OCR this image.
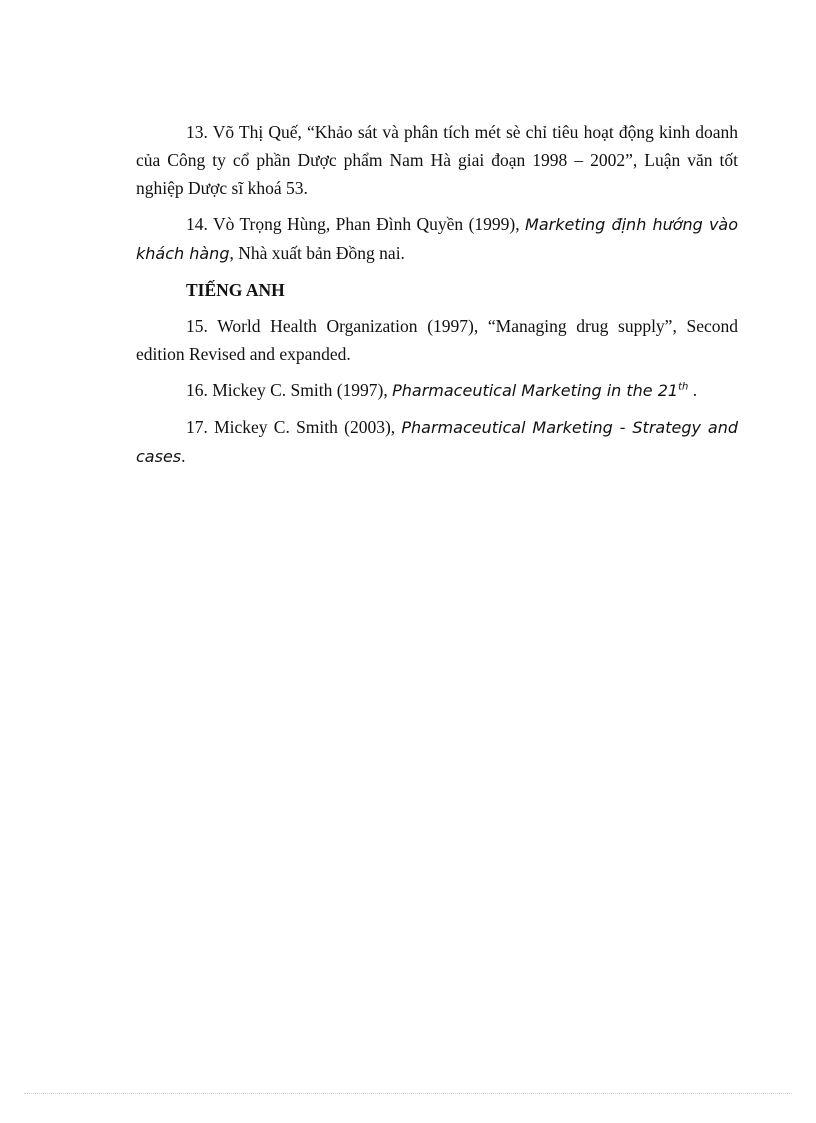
13. Võ Thị Quế, “Khảo sát và phân tích mét sè chỉ tiêu hoạt động kinh doanh của Công ty cổ phần Dược phẩm Nam Hà giai đoạn 1998 – 2002”, Luận văn tốt nghiệp Dược sĩ khoá 53.

14. Vò Trọng Hùng, Phan Đình Quyền (1999), Marketing định hướng vào khách hàng, Nhà xuất bản Đồng nai.

TIẾNG ANH

15. World Health Organization (1997), “Managing drug supply”, Second edition Revised and expanded.

16. Mickey C. Smith (1997), Pharmaceutical Marketing in the 21th .

17. Mickey C. Smith (2003), Pharmaceutical Marketing - Strategy and cases.
